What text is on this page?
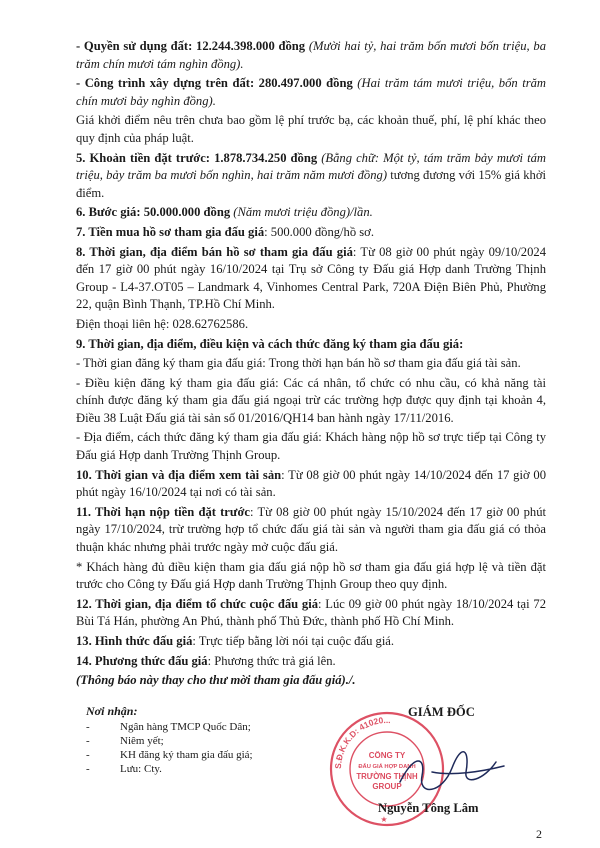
- Quyền sử dụng đất: 12.244.398.000 đồng (Mười hai tỷ, hai trăm bốn mươi bốn triệu, ba trăm chín mươi tám nghìn đồng).

- Công trình xây dựng trên đất: 280.497.000 đồng (Hai trăm tám mươi triệu, bốn trăm chín mươi bảy nghìn đồng).

Giá khởi điểm nêu trên chưa bao gồm lệ phí trước bạ, các khoản thuế, phí, lệ phí khác theo quy định của pháp luật.

5. Khoản tiền đặt trước: 1.878.734.250 đồng (Bằng chữ: Một tỷ, tám trăm bảy mươi tám triệu, bảy trăm ba mươi bốn nghìn, hai trăm năm mươi đồng) tương đương với 15% giá khởi điểm.

6. Bước giá: 50.000.000 đồng (Năm mươi triệu đồng)/lần.

7. Tiền mua hồ sơ tham gia đấu giá: 500.000 đồng/hồ sơ.

8. Thời gian, địa điểm bán hồ sơ tham gia đấu giá: Từ 08 giờ 00 phút ngày 09/10/2024 đến 17 giờ 00 phút ngày 16/10/2024 tại Trụ sở Công ty Đấu giá Hợp danh Trường Thịnh Group - L4-37.OT05 – Landmark 4, Vinhomes Central Park, 720A Điện Biên Phủ, Phường 22, quận Bình Thạnh, TP.Hồ Chí Minh.

Điện thoại liên hệ: 028.62762586.

9. Thời gian, địa điểm, điều kiện và cách thức đăng ký tham gia đấu giá:

- Thời gian đăng ký tham gia đấu giá: Trong thời hạn bán hồ sơ tham gia đấu giá tài sản.

- Điều kiện đăng ký tham gia đấu giá: Các cá nhân, tổ chức có nhu cầu, có khả năng tài chính được đăng ký tham gia đấu giá ngoại trừ các trường hợp được quy định tại khoản 4, Điều 38 Luật Đấu giá tài sản số 01/2016/QH14 ban hành ngày 17/11/2016.

- Địa điểm, cách thức đăng ký tham gia đấu giá: Khách hàng nộp hồ sơ trực tiếp tại Công ty Đấu giá Hợp danh Trường Thịnh Group.

10. Thời gian và địa điểm xem tài sản: Từ 08 giờ 00 phút ngày 14/10/2024 đến 17 giờ 00 phút ngày 16/10/2024 tại nơi có tài sản.

11. Thời hạn nộp tiền đặt trước: Từ 08 giờ 00 phút ngày 15/10/2024 đến 17 giờ 00 phút ngày 17/10/2024, trừ trường hợp tổ chức đấu giá tài sản và người tham gia đấu giá có thỏa thuận khác nhưng phải trước ngày mở cuộc đấu giá.

* Khách hàng đủ điều kiện tham gia đấu giá nộp hồ sơ tham gia đấu giá hợp lệ và tiền đặt trước cho Công ty Đấu giá Hợp danh Trường Thịnh Group theo quy định.

12. Thời gian, địa điểm tổ chức cuộc đấu giá: Lúc 09 giờ 00 phút ngày 18/10/2024 tại 72 Bùi Tá Hán, phường An Phú, thành phố Thủ Đức, thành phố Hồ Chí Minh.

13. Hình thức đấu giá: Trực tiếp bằng lời nói tại cuộc đấu giá.

14. Phương thức đấu giá: Phương thức trả giá lên.

(Thông báo này thay cho thư mời tham gia đấu giá)./.

Nơi nhận:
-	Ngân hàng TMCP Quốc Dân;
-	Niêm yết;
-	KH đăng ký tham gia đấu giá;
-	Lưu: Cty.	S.Đ.K.K.D: 41020...
CÔNG TY
ĐẤU GIÁ HỢP DANH
TRƯỜNG THỊNH
GROUP
★
GIÁM ĐỐC
Nguyễn Tông Lâm
2
